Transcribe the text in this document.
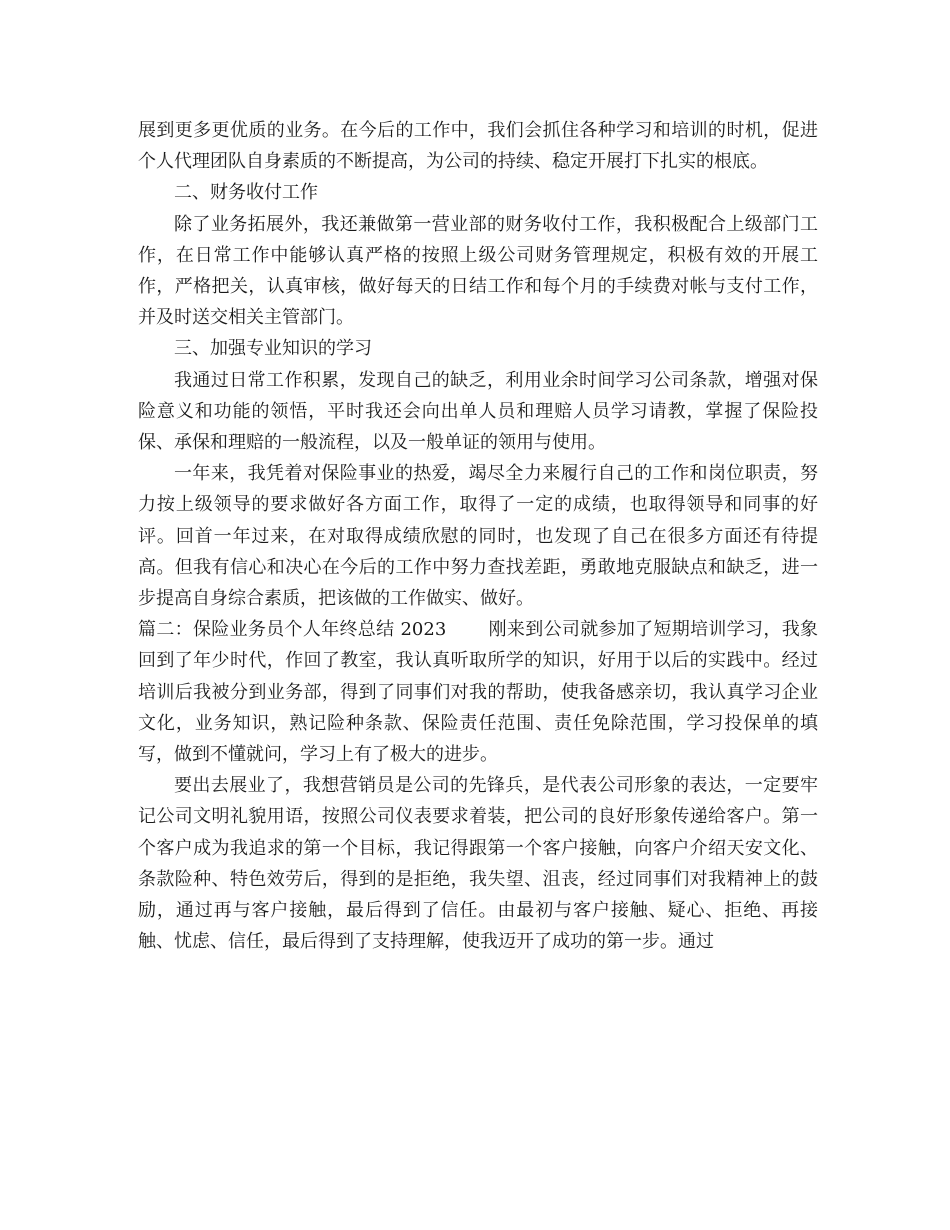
展到更多更优质的业务。在今后的工作中，我们会抓住各种学习和培训的时机，促进个人代理团队自身素质的不断提高，为公司的持续、稳定开展打下扎实的根底。

二、财务收付工作

除了业务拓展外，我还兼做第一营业部的财务收付工作，我积极配合上级部门工作，在日常工作中能够认真严格的按照上级公司财务管理规定，积极有效的开展工作，严格把关，认真审核，做好每天的日结工作和每个月的手续费对帐与支付工作，并及时送交相关主管部门。

三、加强专业知识的学习

我通过日常工作积累，发现自己的缺乏，利用业余时间学习公司条款，增强对保险意义和功能的领悟，平时我还会向出单人员和理赔人员学习请教，掌握了保险投保、承保和理赔的一般流程，以及一般单证的领用与使用。

一年来，我凭着对保险事业的热爱，竭尽全力来履行自己的工作和岗位职责，努力按上级领导的要求做好各方面工作，取得了一定的成绩，也取得领导和同事的好评。回首一年过来，在对取得成绩欣慰的同时，也发现了自己在很多方面还有待提高。但我有信心和决心在今后的工作中努力查找差距，勇敢地克服缺点和缺乏，进一步提高自身综合素质，把该做的工作做实、做好。

篇二：保险业务员个人年终总结 2023 刚来到公司就参加了短期培训学习，我象回到了年少时代，作回了教室，我认真听取所学的知识，好用于以后的实践中。经过培训后我被分到业务部，得到了同事们对我的帮助，使我备感亲切，我认真学习企业文化，业务知识，熟记险种条款、保险责任范围、责任免除范围，学习投保单的填写，做到不懂就问，学习上有了极大的进步。

要出去展业了，我想营销员是公司的先锋兵，是代表公司形象的表达，一定要牢记公司文明礼貌用语，按照公司仪表要求着装，把公司的良好形象传递给客户。第一个客户成为我追求的第一个目标，我记得跟第一个客户接触，向客户介绍天安文化、条款险种、特色效劳后，得到的是拒绝，我失望、沮丧，经过同事们对我精神上的鼓励，通过再与客户接触，最后得到了信任。由最初与客户接触、疑心、拒绝、再接触、忧虑、信任，最后得到了支持理解，使我迈开了成功的第一步。通过
